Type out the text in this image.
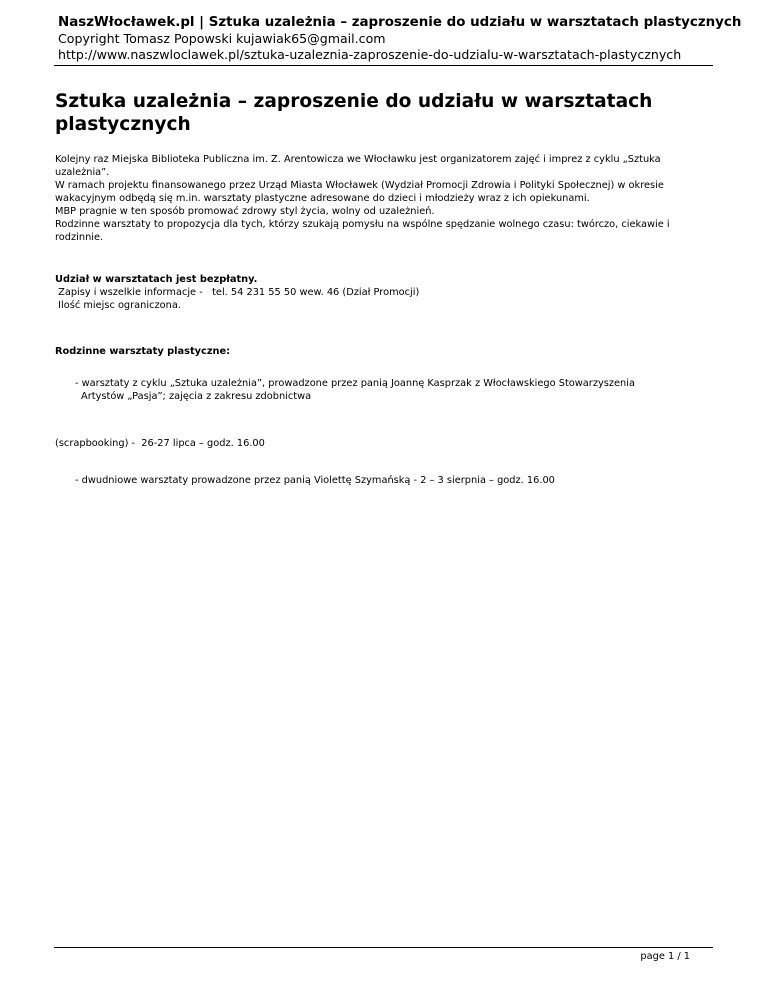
NaszWłocławek.pl | Sztuka uzależnia – zaproszenie do udziału w warsztatach plastycznych

Copyright Tomasz Popowski kujawiak65@gmail.com

http://www.naszwloclawek.pl/sztuka-uzaleznia-zaproszenie-do-udzialu-w-warsztatach-plastycznych

Sztuka uzależnia – zaproszenie do udziału w warsztatach plastycznych

Kolejny raz Miejska Biblioteka Publiczna im. Z. Arentowicza we Włocławku jest organizatorem zajęć i imprez z cyklu „Sztuka uzależnia”.
W ramach projektu finansowanego przez Urząd Miasta Włocławek (Wydział Promocji Zdrowia i Polityki Społecznej) w okresie wakacyjnym odbędą się m.in. warsztaty plastyczne adresowane do dzieci i młodzieży wraz z ich opiekunami.
MBP pragnie w ten sposób promować zdrowy styl życia, wolny od uzależnień.
Rodzinne warsztaty to propozycja dla tych, którzy szukają pomysłu na wspólne spędzanie wolnego czasu: twórczo, ciekawie i rodzinnie.

Udział w warsztatach jest bezpłatny.
Zapisy i wszelkie informacje -   tel. 54 231 55 50 wew. 46 (Dział Promocji)
Ilość miejsc ograniczona.

Rodzinne warsztaty plastyczne:

- warsztaty z cyklu „Sztuka uzależnia”, prowadzone przez panią Joannę Kasprzak z Włocławskiego Stowarzyszenia
Artystów „Pasja”; zajęcia z zakresu zdobnictwa

(scrapbooking) -  26-27 lipca – godz. 16.00

- dwudniowe warsztaty prowadzone przez panią Violettę Szymańską - 2 – 3 sierpnia – godz. 16.00

page 1 / 1
